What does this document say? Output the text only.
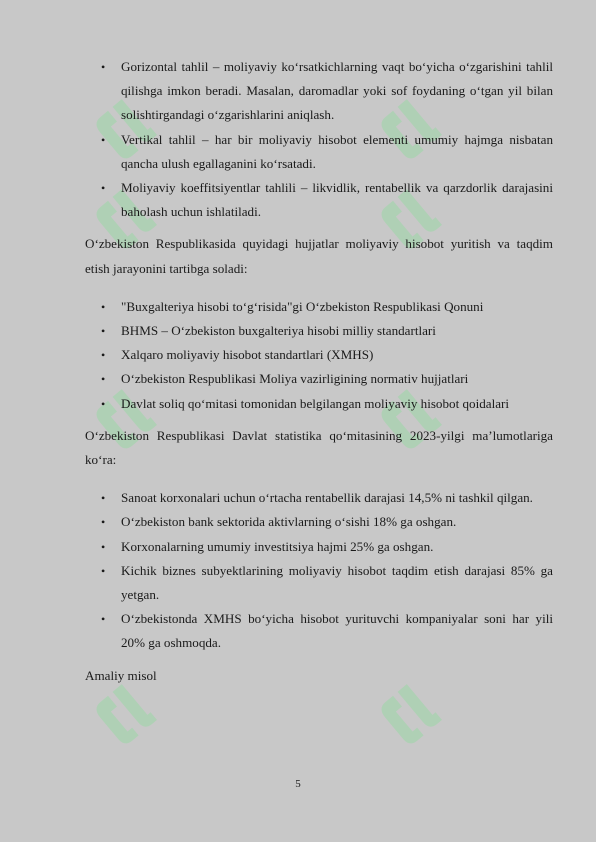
• Gorizontal tahlil – moliyaviy ko‘rsatkichlarning vaqt bo‘yicha o‘zgarishini tahlil qilishga imkon beradi. Masalan, daromadlar yoki sof foydaning o‘tgan yil bilan solishtirgandagi o‘zgarishlarini aniqlash.
• Vertikal tahlil – har bir moliyaviy hisobot elementi umumiy hajmga nisbatan qancha ulush egallaganini ko‘rsatadi.
• Moliyaviy koeffitsiyentlar tahlili – likvidlik, rentabellik va qarzdorlik darajasini baholash uchun ishlatiladi.

O‘zbekiston Respublikasida quyidagi hujjatlar moliyaviy hisobot yuritish va taqdim etish jarayonini tartibga soladi:

• "Buxgalteriya hisobi to‘g‘risida"gi O‘zbekiston Respublikasi Qonuni
• BHMS – O‘zbekiston buxgalteriya hisobi milliy standartlari
• Xalqaro moliyaviy hisobot standartlari (XMHS)
• O‘zbekiston Respublikasi Moliya vazirligining normativ hujjatlari
• Davlat soliq qo‘mitasi tomonidan belgilangan moliyaviy hisobot qoidalari

O‘zbekiston Respublikasi Davlat statistika qo‘mitasining 2023-yilgi ma’lumotlariga ko‘ra:

• Sanoat korxonalari uchun o‘rtacha rentabellik darajasi 14,5% ni tashkil qilgan.
• O‘zbekiston bank sektorida aktivlarning o‘sishi 18% ga oshgan.
• Korxonalarning umumiy investitsiya hajmi 25% ga oshgan.
• Kichik biznes subyektlarining moliyaviy hisobot taqdim etish darajasi 85% ga yetgan.
• O‘zbekistonda XMHS bo‘yicha hisobot yurituvchi kompaniyalar soni har yili 20% ga oshmoqda.

Amaliy misol

5
